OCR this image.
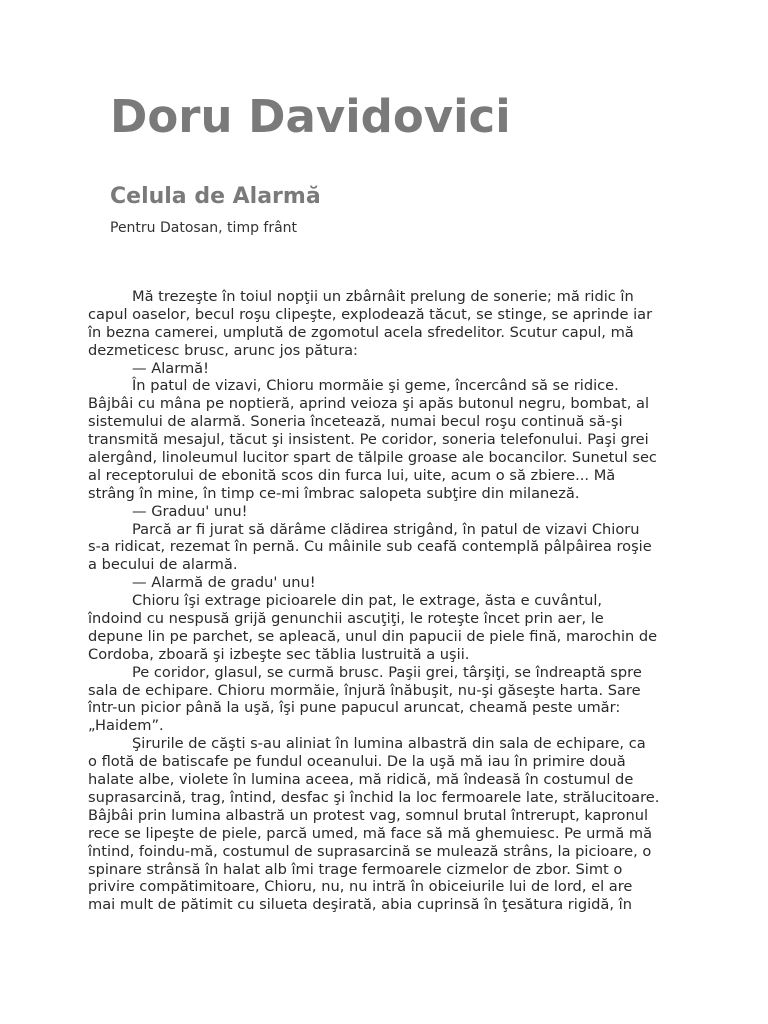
Doru Davidovici
Celula de Alarmă
Pentru Datosan, timp frânt
Mă trezeşte în toiul nopţii un zbârnâit prelung de sonerie; mă ridic în
capul oaselor, becul roşu clipeşte, explodează tăcut, se stinge, se aprinde iar
în bezna camerei, umplută de zgomotul acela sfredelitor. Scutur capul, mă
dezmeticesc brusc, arunc jos pătura:
— Alarmă!
În patul de vizavi, Chioru mormăie şi geme, încercând să se ridice.
Bâjbâi cu mâna pe noptieră, aprind veioza şi apăs butonul negru, bombat, al
sistemului de alarmă. Soneria încetează, numai becul roşu continuă să-şi
transmită mesajul, tăcut şi insistent. Pe coridor, soneria telefonului. Paşi grei
alergând, linoleumul lucitor spart de tălpile groase ale bocancilor. Sunetul sec
al receptorului de ebonită scos din furca lui, uite, acum o să zbiere... Mă
strâng în mine, în timp ce-mi îmbrac salopeta subţire din milaneză.
— Graduu' unu!
Parcă ar fi jurat să dărâme clădirea strigând, în patul de vizavi Chioru
s-a ridicat, rezemat în pernă. Cu mâinile sub ceafă contemplă pâlpâirea roşie
a becului de alarmă.
— Alarmă de gradu' unu!
Chioru îşi extrage picioarele din pat, le extrage, ăsta e cuvântul,
îndoind cu nespusă grijă genunchii ascuţiţi, le roteşte încet prin aer, le
depune lin pe parchet, se apleacă, unul din papucii de piele fină, marochin de
Cordoba, zboară şi izbeşte sec tăblia lustruită a uşii.
Pe coridor, glasul, se curmă brusc. Paşii grei, târşiţi, se îndreaptă spre
sala de echipare. Chioru mormăie, înjură înăbuşit, nu-şi găseşte harta. Sare
într-un picior până la uşă, îşi pune papucul aruncat, cheamă peste umăr:
„Haidem”.
Şirurile de căşti s-au aliniat în lumina albastră din sala de echipare, ca
o flotă de batiscafe pe fundul oceanului. De la uşă mă iau în primire două
halate albe, violete în lumina aceea, mă ridică, mă îndeasă în costumul de
suprasarcină, trag, întind, desfac şi închid la loc fermoarele late, strălucitoare.
Bâjbâi prin lumina albastră un protest vag, somnul brutal întrerupt, kapronul
rece se lipeşte de piele, parcă umed, mă face să mă ghemuiesc. Pe urmă mă
întind, foindu-mă, costumul de suprasarcină se mulează strâns, la picioare, o
spinare strânsă în halat alb îmi trage fermoarele cizmelor de zbor. Simt o
privire compătimitoare, Chioru, nu, nu intră în obiceiurile lui de lord, el are
mai mult de pătimit cu silueta deşirată, abia cuprinsă în ţesătura rigidă, în
